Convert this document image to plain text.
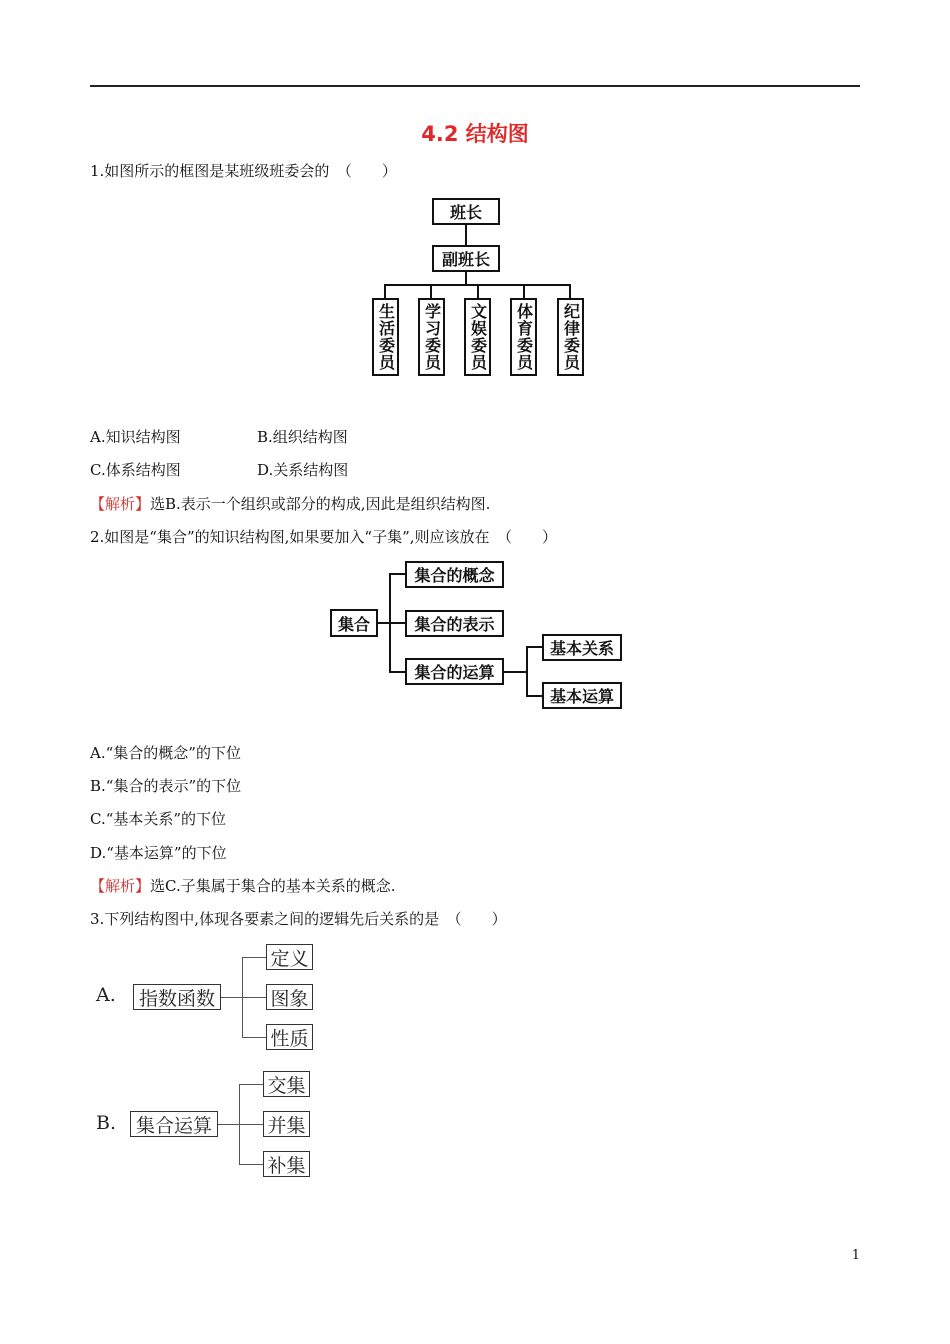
4.2 结构图
1.如图所示的框图是某班级班委会的　（　　）
班长
副班长
生活委员 学习委员 文娱委员 体育委员 纪律委员
A.知识结构图	B.组织结构图
C.体系结构图	D.关系结构图
【解析】选B.表示一个组织或部分的构成,因此是组织结构图.
2.如图是“集合”的知识结构图,如果要加入“子集”,则应该放在　（　　）
集合
集合的概念
集合的表示
集合的运算
基本关系
基本运算
A.“集合的概念”的下位
B.“集合的表示”的下位
C.“基本关系”的下位
D.“基本运算”的下位
【解析】选C.子集属于集合的基本关系的概念.
3.下列结构图中,体现各要素之间的逻辑先后关系的是　（　　）
A.	指数函数
定义
图象
性质
B.	集合运算
交集
并集
补集
1
